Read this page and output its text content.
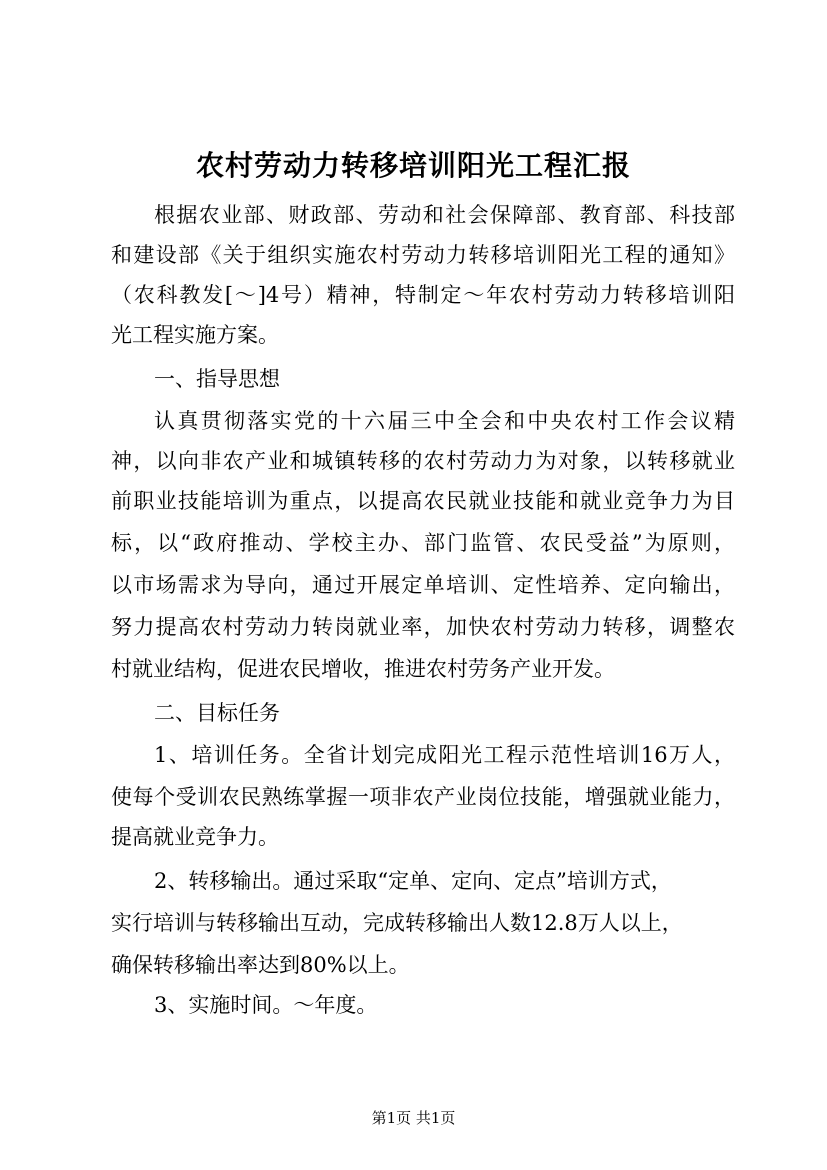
农村劳动力转移培训阳光工程汇报
根据农业部、财政部、劳动和社会保障部、教育部、科技部
和建设部《关于组织实施农村劳动力转移培训阳光工程的通知》
（农科教发[～]4号）精神，特制定～年农村劳动力转移培训阳
光工程实施方案。
一、指导思想
认真贯彻落实党的十六届三中全会和中央农村工作会议精
神，以向非农产业和城镇转移的农村劳动力为对象，以转移就业
前职业技能培训为重点，以提高农民就业技能和就业竞争力为目
标，以“政府推动、学校主办、部门监管、农民受益”为原则，
以市场需求为导向，通过开展定单培训、定性培养、定向输出，
努力提高农村劳动力转岗就业率，加快农村劳动力转移，调整农
村就业结构，促进农民增收，推进农村劳务产业开发。
二、目标任务
1、培训任务。全省计划完成阳光工程示范性培训16万人，
使每个受训农民熟练掌握一项非农产业岗位技能，增强就业能力，
提高就业竞争力。
2、转移输出。通过采取“定单、定向、定点”培训方式，
实行培训与转移输出互动，完成转移输出人数12.8万人以上，
确保转移输出率达到80%以上。
3、实施时间。～年度。
第1页 共1页
